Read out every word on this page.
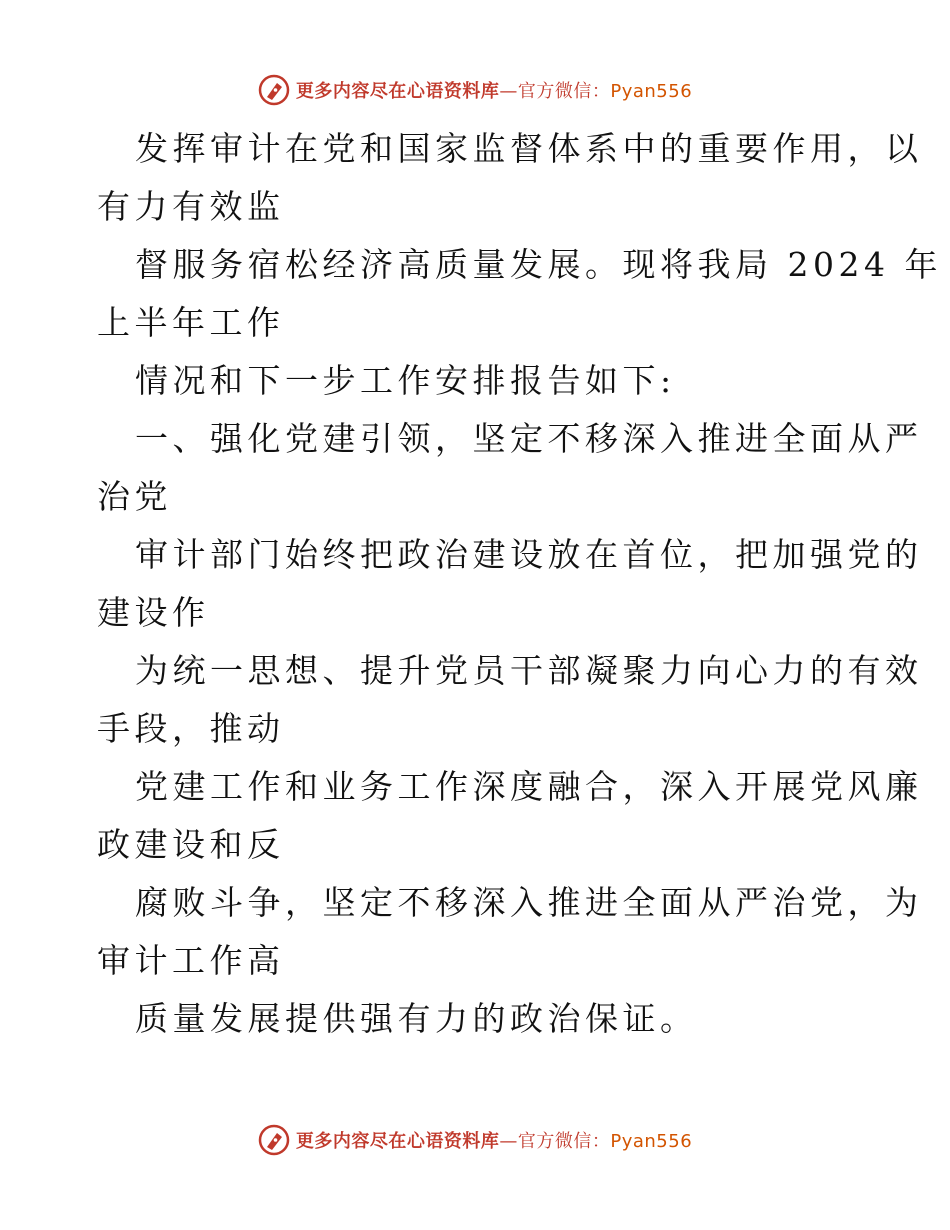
更多内容尽在心语资料库—官方微信：Pyan556
发挥审计在党和国家监督体系中的重要作用，以
有力有效监
督服务宿松经济高质量发展。现将我局 2024 年
上半年工作
情况和下一步工作安排报告如下:
一、强化党建引领，坚定不移深入推进全面从严
治党
审计部门始终把政治建设放在首位，把加强党的
建设作
为统一思想、提升党员干部凝聚力向心力的有效
手段，推动
党建工作和业务工作深度融合，深入开展党风廉
政建设和反
腐败斗争，坚定不移深入推进全面从严治党，为
审计工作高
质量发展提供强有力的政治保证。
更多内容尽在心语资料库—官方微信：Pyan556
